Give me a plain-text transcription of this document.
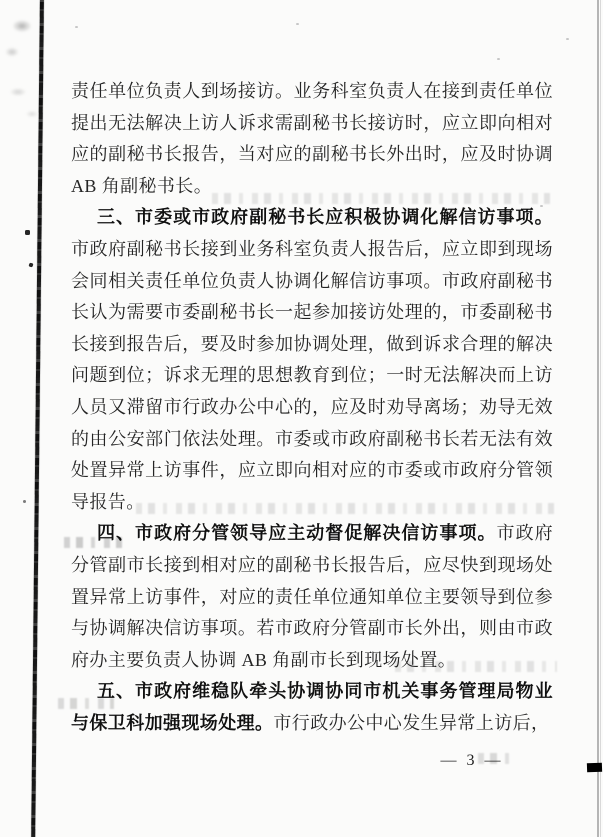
责任单位负责人到场接访。业务科室负责人在接到责任单位提出无法解决上访人诉求需副秘书长接访时，应立即向相对应的副秘书长报告，当对应的副秘书长外出时，应及时协调 AB 角副秘书长。

三、市委或市政府副秘书长应积极协调化解信访事项。市政府副秘书长接到业务科室负责人报告后，应立即到现场会同相关责任单位负责人协调化解信访事项。市政府副秘书长认为需要市委副秘书长一起参加接访处理的，市委副秘书长接到报告后，要及时参加协调处理，做到诉求合理的解决问题到位；诉求无理的思想教育到位；一时无法解决而上访人员又滞留市行政办公中心的，应及时劝导离场；劝导无效的由公安部门依法处理。市委或市政府副秘书长若无法有效处置异常上访事件，应立即向相对应的市委或市政府分管领导报告。

四、市政府分管领导应主动督促解决信访事项。市政府分管副市长接到相对应的副秘书长报告后，应尽快到现场处置异常上访事件，对应的责任单位通知单位主要领导到位参与协调解决信访事项。若市政府分管副市长外出，则由市政府办主要负责人协调 AB 角副市长到现场处置。

五、市政府维稳队牵头协调协同市机关事务管理局物业与保卫科加强现场处理。市行政办公中心发生异常上访后，

— 3 —
